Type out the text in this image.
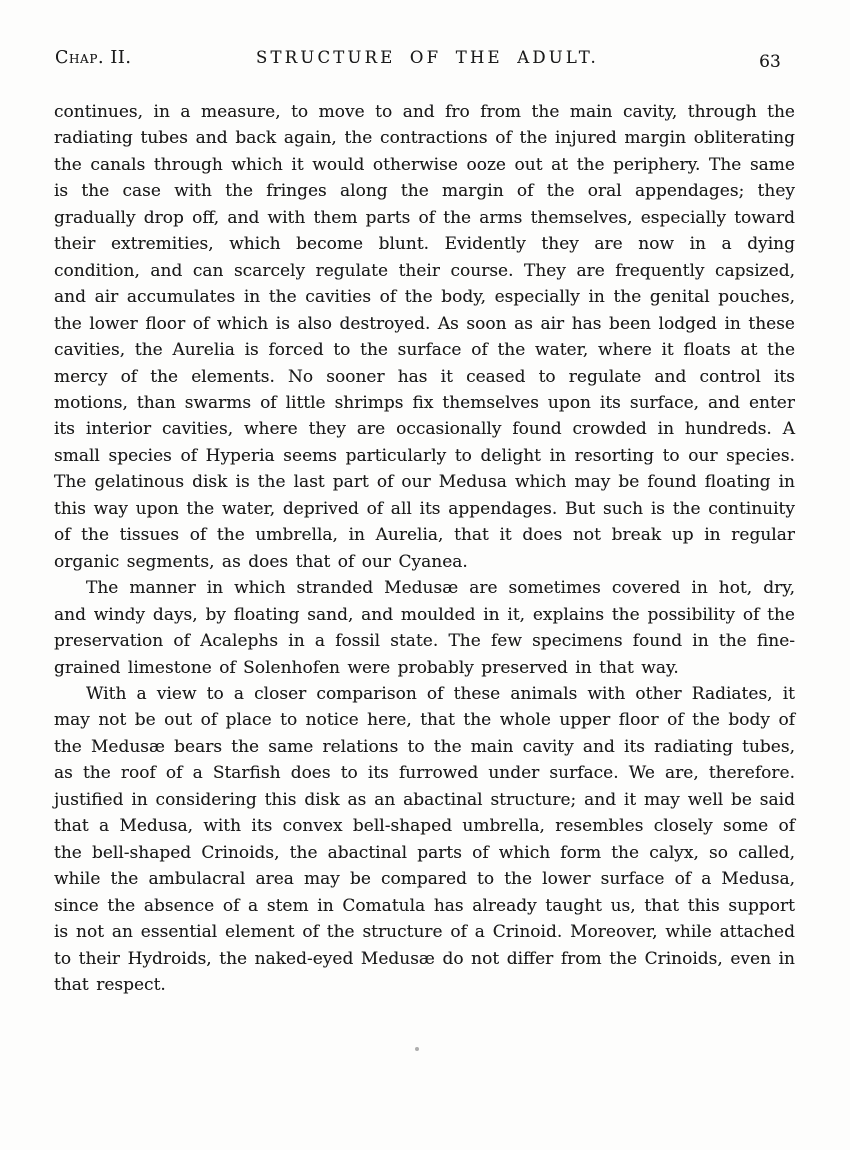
Chap. II.	STRUCTURE OF THE ADULT.	63

continues, in a measure, to move to and fro from the main cavity, through the radiating tubes and back again, the contractions of the injured margin obliterating the canals through which it would otherwise ooze out at the periphery. The same is the case with the fringes along the margin of the oral appendages; they gradually drop off, and with them parts of the arms themselves, especially toward their extremities, which become blunt. Evidently they are now in a dying condition, and can scarcely regulate their course. They are frequently capsized, and air accumulates in the cavities of the body, especially in the genital pouches, the lower floor of which is also destroyed. As soon as air has been lodged in these cavities, the Aurelia is forced to the surface of the water, where it floats at the mercy of the elements. No sooner has it ceased to regulate and control its motions, than swarms of little shrimps fix themselves upon its surface, and enter its interior cavities, where they are occasionally found crowded in hundreds. A small species of Hyperia seems particularly to delight in resorting to our species. The gelatinous disk is the last part of our Medusa which may be found floating in this way upon the water, deprived of all its appendages. But such is the continuity of the tissues of the umbrella, in Aurelia, that it does not break up in regular organic segments, as does that of our Cyanea.

The manner in which stranded Medusæ are sometimes covered in hot, dry, and windy days, by floating sand, and moulded in it, explains the possibility of the preservation of Acalephs in a fossil state. The few specimens found in the fine-grained limestone of Solenhofen were probably preserved in that way.

With a view to a closer comparison of these animals with other Radiates, it may not be out of place to notice here, that the whole upper floor of the body of the Medusæ bears the same relations to the main cavity and its radiating tubes, as the roof of a Starfish does to its furrowed under surface. We are, therefore. justified in considering this disk as an abactinal structure; and it may well be said that a Medusa, with its convex bell-shaped umbrella, resembles closely some of the bell-shaped Crinoids, the abactinal parts of which form the calyx, so called, while the ambulacral area may be compared to the lower surface of a Medusa, since the absence of a stem in Comatula has already taught us, that this support is not an essential element of the structure of a Crinoid. Moreover, while attached to their Hydroids, the naked-eyed Medusæ do not differ from the Crinoids, even in that respect.
